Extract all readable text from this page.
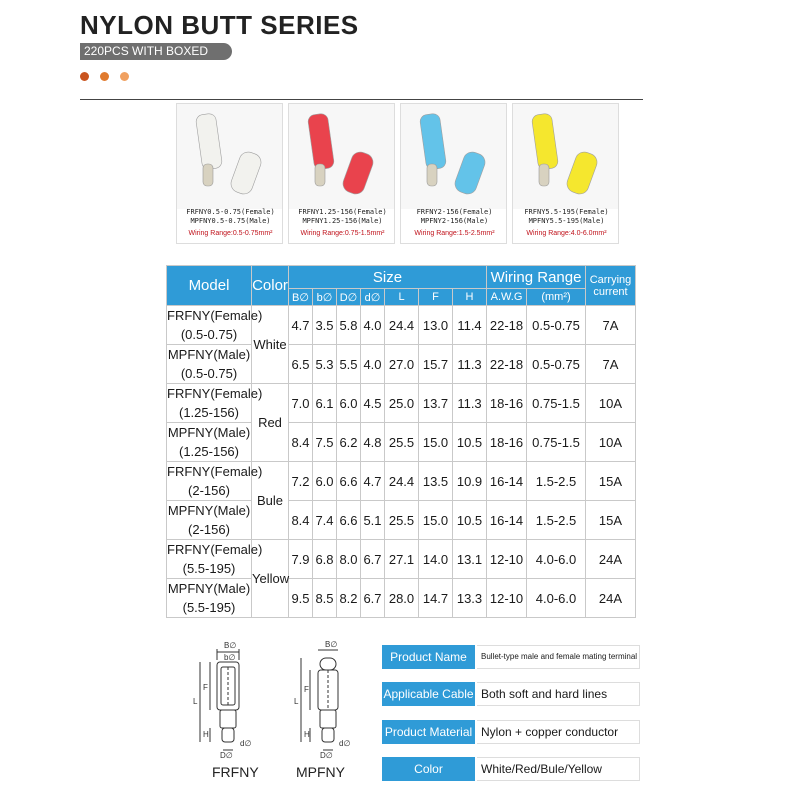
NYLON BUTT SERIES
220PCS WITH BOXED
FRFNY0.5-0.75(Female)
MPFNY0.5-0.75(Male)
Wiring Range:0.5-0.75mm²
FRFNY1.25-156(Female)
MPFNY1.25-156(Male)
Wiring Range:0.75-1.5mm²
FRFNY2-156(Female)
MPFNY2-156(Male)
Wiring Range:1.5-2.5mm²
FRFNY5.5-195(Female)
MPFNY5.5-195(Male)
Wiring Range:4.0-6.0mm²
Model	Color	Size							Wiring Range		Carrying current
		B∅	b∅	D∅	d∅	L	F	H	A.W.G	(mm²)	

FRFNY(Female)
(0.5-0.75)	White	4.7	3.5	5.8	4.0	24.4	13.0	11.4	22-18	0.5-0.75	7A

MPFNY(Male)
(0.5-0.75)		6.5	5.3	5.5	4.0	27.0	15.7	11.3	22-18	0.5-0.75	7A

FRFNY(Female)
(1.25-156)	Red	7.0	6.1	6.0	4.5	25.0	13.7	11.3	18-16	0.75-1.5	10A

MPFNY(Male)
(1.25-156)		8.4	7.5	6.2	4.8	25.5	15.0	10.5	18-16	0.75-1.5	10A

FRFNY(Female)
(2-156)	Bule	7.2	6.0	6.6	4.7	24.4	13.5	10.9	16-14	1.5-2.5	15A

MPFNY(Male)
(2-156)		8.4	7.4	6.6	5.1	25.5	15.0	10.5	16-14	1.5-2.5	15A

FRFNY(Female)
(5.5-195)	Yellow	7.9	6.8	8.0	6.7	27.1	14.0	13.1	12-10	4.0-6.0	24A

MPFNY(Male)
(5.5-195)		9.5	8.5	8.2	6.7	28.0	14.7	13.3	12-10	4.0-6.0	24A
B∅
b∅
L
F
H
D∅
d∅
B∅
L
F
H
D∅
d∅
FRFNY	MPFNY
Product Name	Bullet-type male and female mating terminal
Applicable Cable Both soft and hard lines
Product Material Nylon + copper conductor
Color	White/Red/Bule/Yellow
